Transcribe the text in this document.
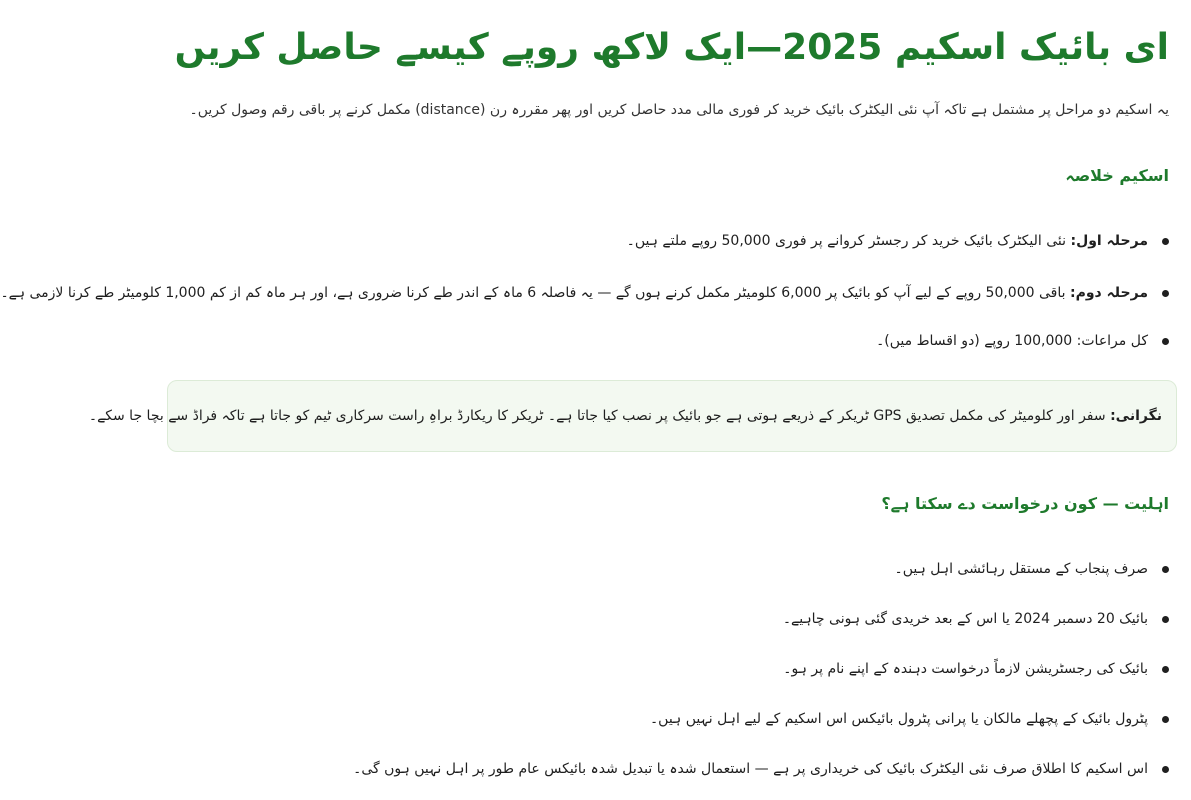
ای بائیک اسکیم 2025—ایک لاکھ روپے کیسے حاصل کریں

یہ اسکیم دو مراحل پر مشتمل ہے تاکہ آپ نئی الیکٹرک بائیک خرید کر فوری مالی مدد حاصل کریں اور پھر مقررہ رن (distance) مکمل کرنے پر باقی رقم وصول کریں۔

اسکیم خلاصہ
مرحلہ اول: نئی الیکٹرک بائیک خرید کر رجسٹر کروانے پر فوری 50,000 روپے ملتے ہیں۔
مرحلہ دوم: باقی 50,000 روپے کے لیے آپ کو بائیک پر 6,000 کلومیٹر مکمل کرنے ہوں گے — یہ فاصلہ 6 ماہ کے اندر طے کرنا ضروری ہے، اور ہر ماہ کم از کم 1,000 کلومیٹر طے کرنا لازمی ہے۔
کل مراعات: 100,000 روپے (دو اقساط میں)۔

نگرانی: سفر اور کلومیٹر کی مکمل تصدیق GPS ٹریکر کے ذریعے ہوتی ہے جو بائیک پر نصب کیا جاتا ہے۔ ٹریکر کا ریکارڈ براہِ راست سرکاری ٹیم کو جاتا ہے تاکہ فراڈ سے بچا جا سکے۔

اہلیت — کون درخواست دے سکتا ہے؟
صرف پنجاب کے مستقل رہائشی اہل ہیں۔
بائیک 20 دسمبر 2024 یا اس کے بعد خریدی گئی ہونی چاہیے۔
بائیک کی رجسٹریشن لازماً درخواست دہندہ کے اپنے نام پر ہو۔
پٹرول بائیک کے پچھلے مالکان یا پرانی پٹرول بائیکس اس اسکیم کے لیے اہل نہیں ہیں۔
اس اسکیم کا اطلاق صرف نئی الیکٹرک بائیک کی خریداری پر ہے — استعمال شدہ یا تبدیل شدہ بائیکس عام طور پر اہل نہیں ہوں گی۔
